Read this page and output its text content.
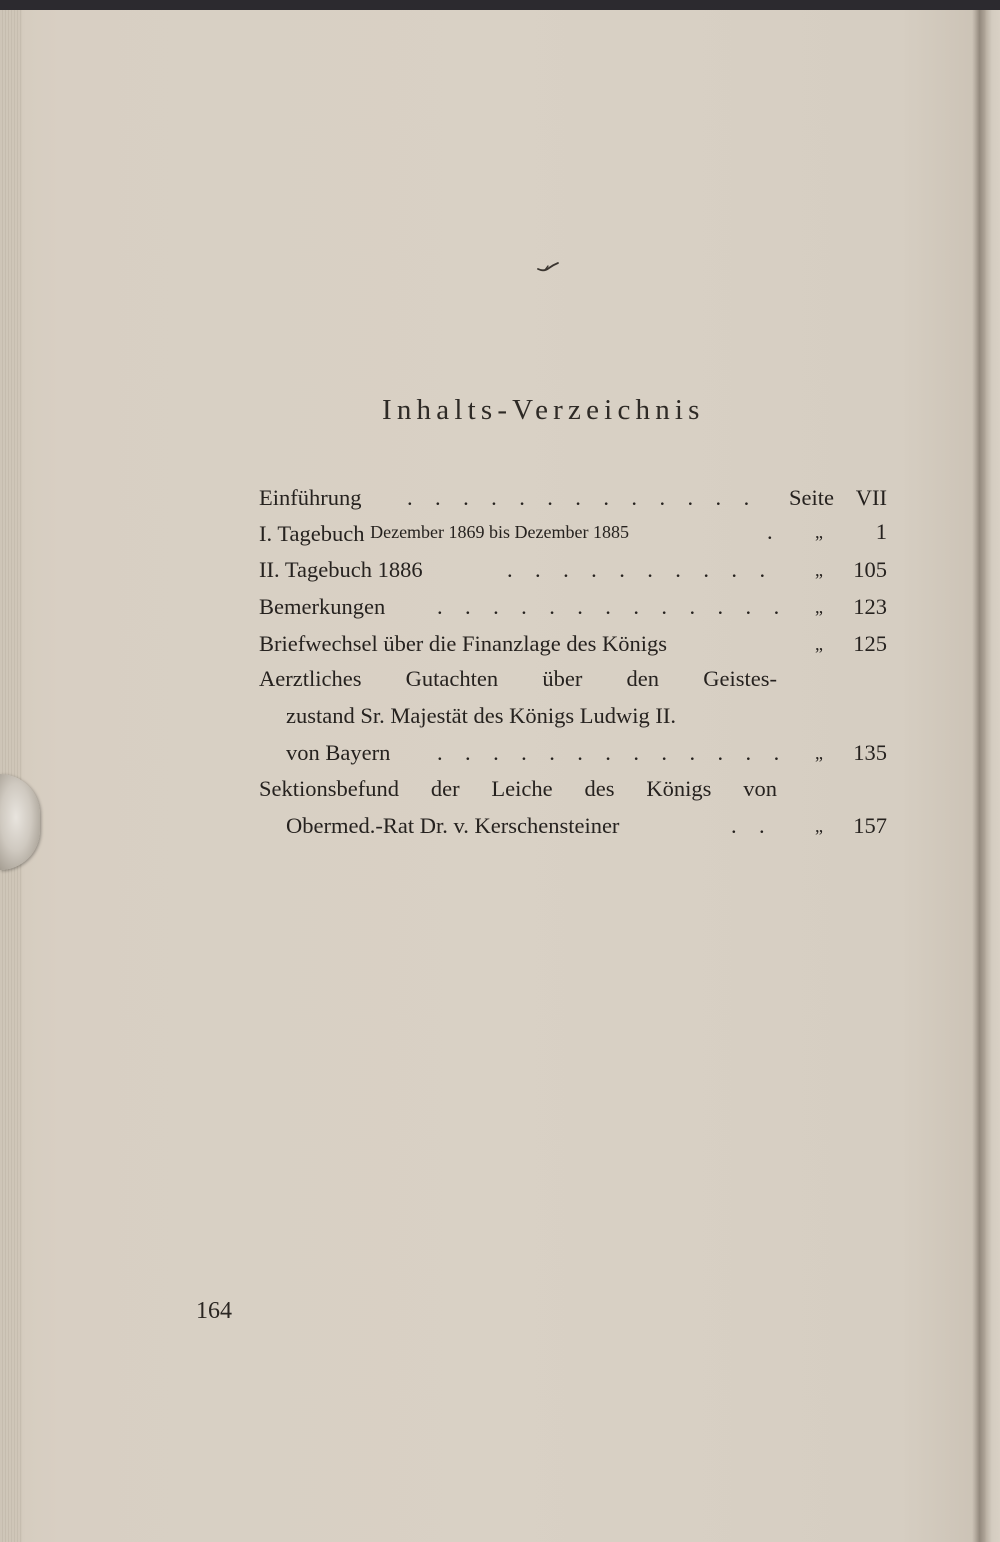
Inhalts-Verzeichnis
Einführung . . . . . . . . . . . . . Seite VII
I. Tagebuch Dezember 1869 bis Dezember 1885	. „ 1
II. Tagebuch 1886	. . . . . . . . . . „ 105
Bemerkungen . . . . . . . . . . . . . „ 123
Briefwechsel über die Finanzlage des Königs	„ 125
Aerztliches Gutachten über den Geistes-
zustand Sr. Majestät des Königs Ludwig II.
von Bayern . . . . . . . . . . . . . „ 135
Sektionsbefund der Leiche des Königs von
Obermed.-Rat Dr. v. Kerschensteiner	. . „ 157
164
